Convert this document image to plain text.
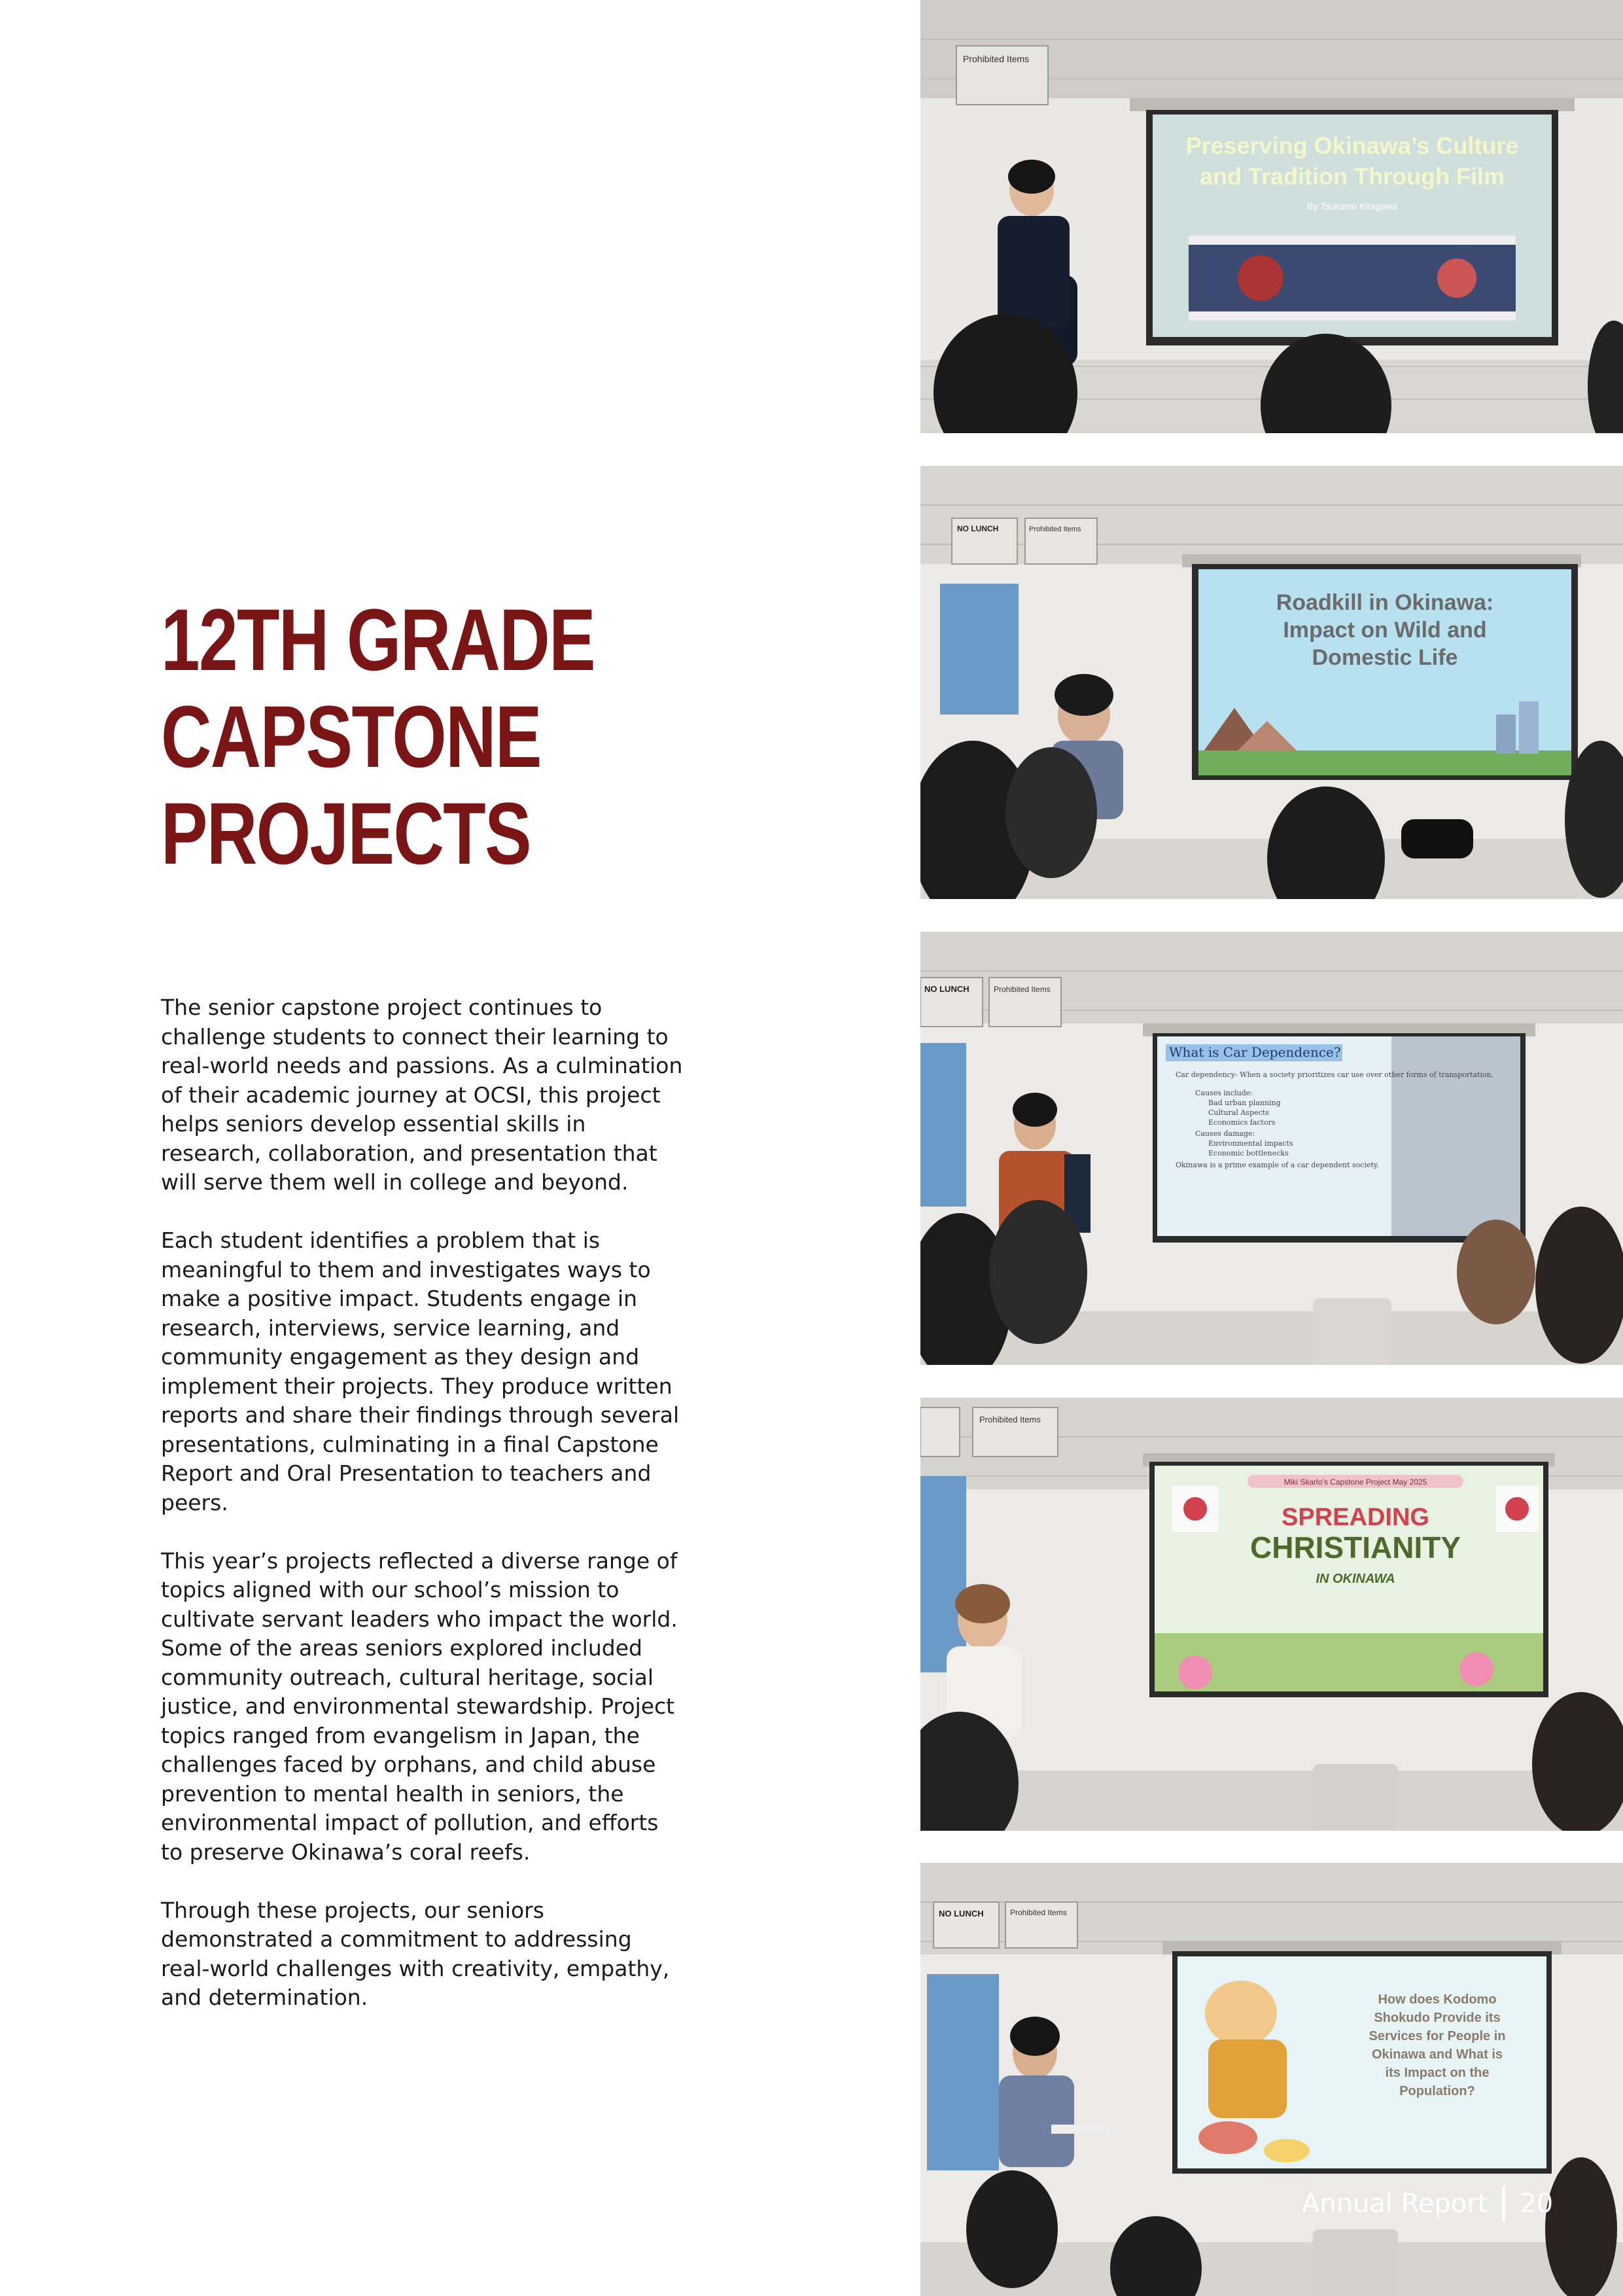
12TH GRADE
CAPSTONE
PROJECTS

The senior capstone project continues to challenge students to connect their learning to real-world needs and passions. As a culmination of their academic journey at OCSI, this project helps seniors develop essential skills in research, collaboration, and presentation that will serve them well in college and beyond.

Each student identifies a problem that is meaningful to them and investigates ways to make a positive impact. Students engage in research, interviews, service learning, and community engagement as they design and implement their projects. They produce written reports and share their findings through several presentations, culminating in a final Capstone Report and Oral Presentation to teachers and peers.

This year’s projects reflected a diverse range of topics aligned with our school’s mission to cultivate servant leaders who impact the world. Some of the areas seniors explored included community outreach, cultural heritage, social justice, and environmental stewardship. Project topics ranged from evangelism in Japan, the challenges faced by orphans, and child abuse prevention to mental health in seniors, the environmental impact of pollution, and efforts to preserve Okinawa’s coral reefs.

Through these projects, our seniors demonstrated a commitment to addressing real-world challenges with creativity, empathy, and determination.

Prohibited Items
Preserving Okinawa’s Culture
and Tradition Through Film
By Tsukumo Kitagawa
NO LUNCH	Prohibited Items
Roadkill in Okinawa:
Impact on Wild and
Domestic Life
NO LUNCH	Prohibited Items
What is Car Dependence?
Car dependency- When a society prioritizes car use over other forms of transportation.
Causes include:
Bad urban planning
Cultural Aspects
Economics factors
Causes damage:
Environmental impacts
Economic bottlenecks
Okinawa is a prime example of a car dependent society.
Prohibited Items
Miki Skarlo’s Capstone Project May 2025
SPREADING
CHRISTIANITY
IN OKINAWA
NO LUNCH	Prohibited Items
How does Kodomo
Shokudo Provide its
Services for People in
Okinawa and What is
its Impact on the
Population?
Annual Report 20
